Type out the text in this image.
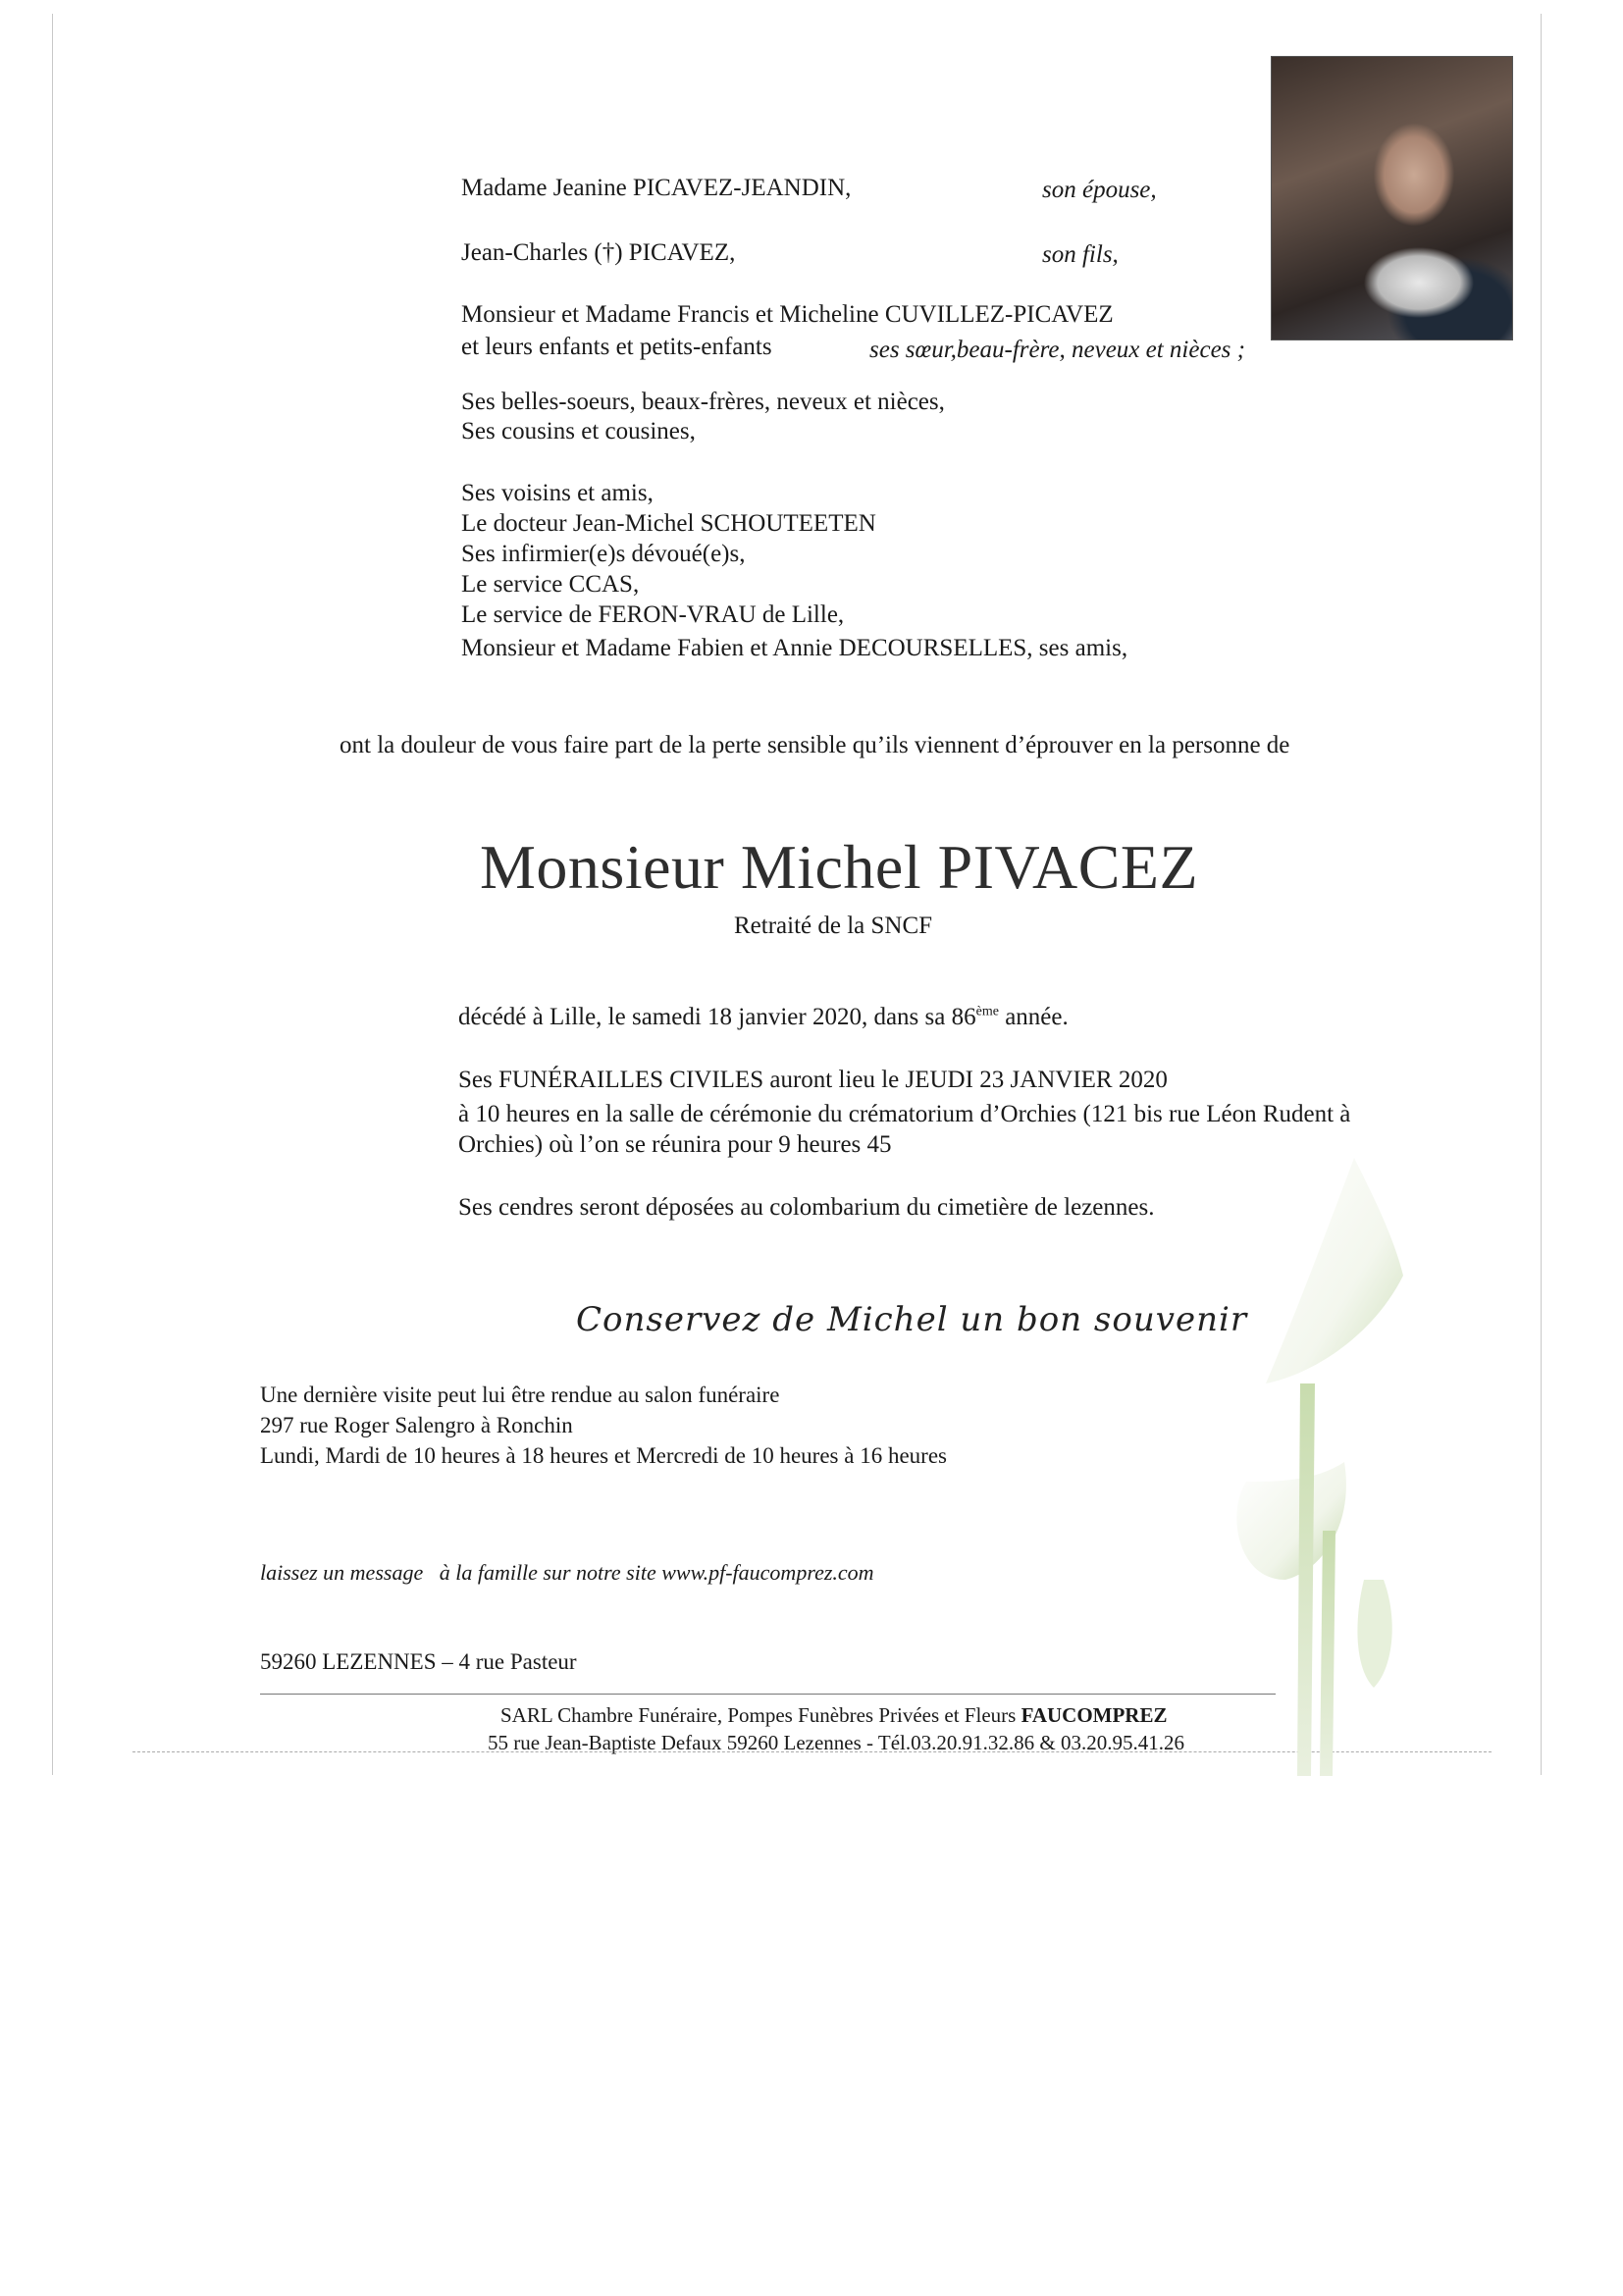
Madame Jeanine PICAVEZ-JEANDIN,	son épouse,
Jean-Charles (†) PICAVEZ,	son fils,
Monsieur et Madame Francis et Micheline CUVILLEZ-PICAVEZ
et leurs enfants et petits-enfants	ses sœur,beau-frère, neveux et nièces ;
Ses belles-soeurs, beaux-frères, neveux et nièces,
Ses cousins et cousines,
Ses voisins et amis,
Le docteur Jean-Michel SCHOUTEETEN
Ses infirmier(e)s dévoué(e)s,
Le service CCAS,
Le service de FERON-VRAU de Lille,
Monsieur et Madame Fabien et Annie DECOURSELLES, ses amis,
ont la douleur de vous faire part de la perte sensible qu’ils viennent d’éprouver en la personne de
Monsieur Michel PIVACEZ
Retraité de la SNCF
décédé à Lille, le samedi 18 janvier 2020, dans sa 86ème année.
Ses FUNÉRAILLES CIVILES auront lieu le JEUDI 23 JANVIER 2020
à 10 heures en la salle de cérémonie du crématorium d’Orchies (121 bis rue Léon Rudent à
Orchies) où l’on se réunira pour 9 heures 45
Ses cendres seront déposées au colombarium du cimetière de lezennes.
Conservez de Michel un bon souvenir
Une dernière visite peut lui être rendue au salon funéraire
297 rue Roger Salengro à Ronchin
Lundi, Mardi de 10 heures à 18 heures et Mercredi de 10 heures à 16 heures
laissez un message à la famille sur notre site www.pf-faucomprez.com
59260 LEZENNES – 4 rue Pasteur
SARL Chambre Funéraire, Pompes Funèbres Privées et Fleurs FAUCOMPREZ
55 rue Jean-Baptiste Defaux 59260 Lezennes - Tél.03.20.91.32.86 & 03.20.95.41.26
